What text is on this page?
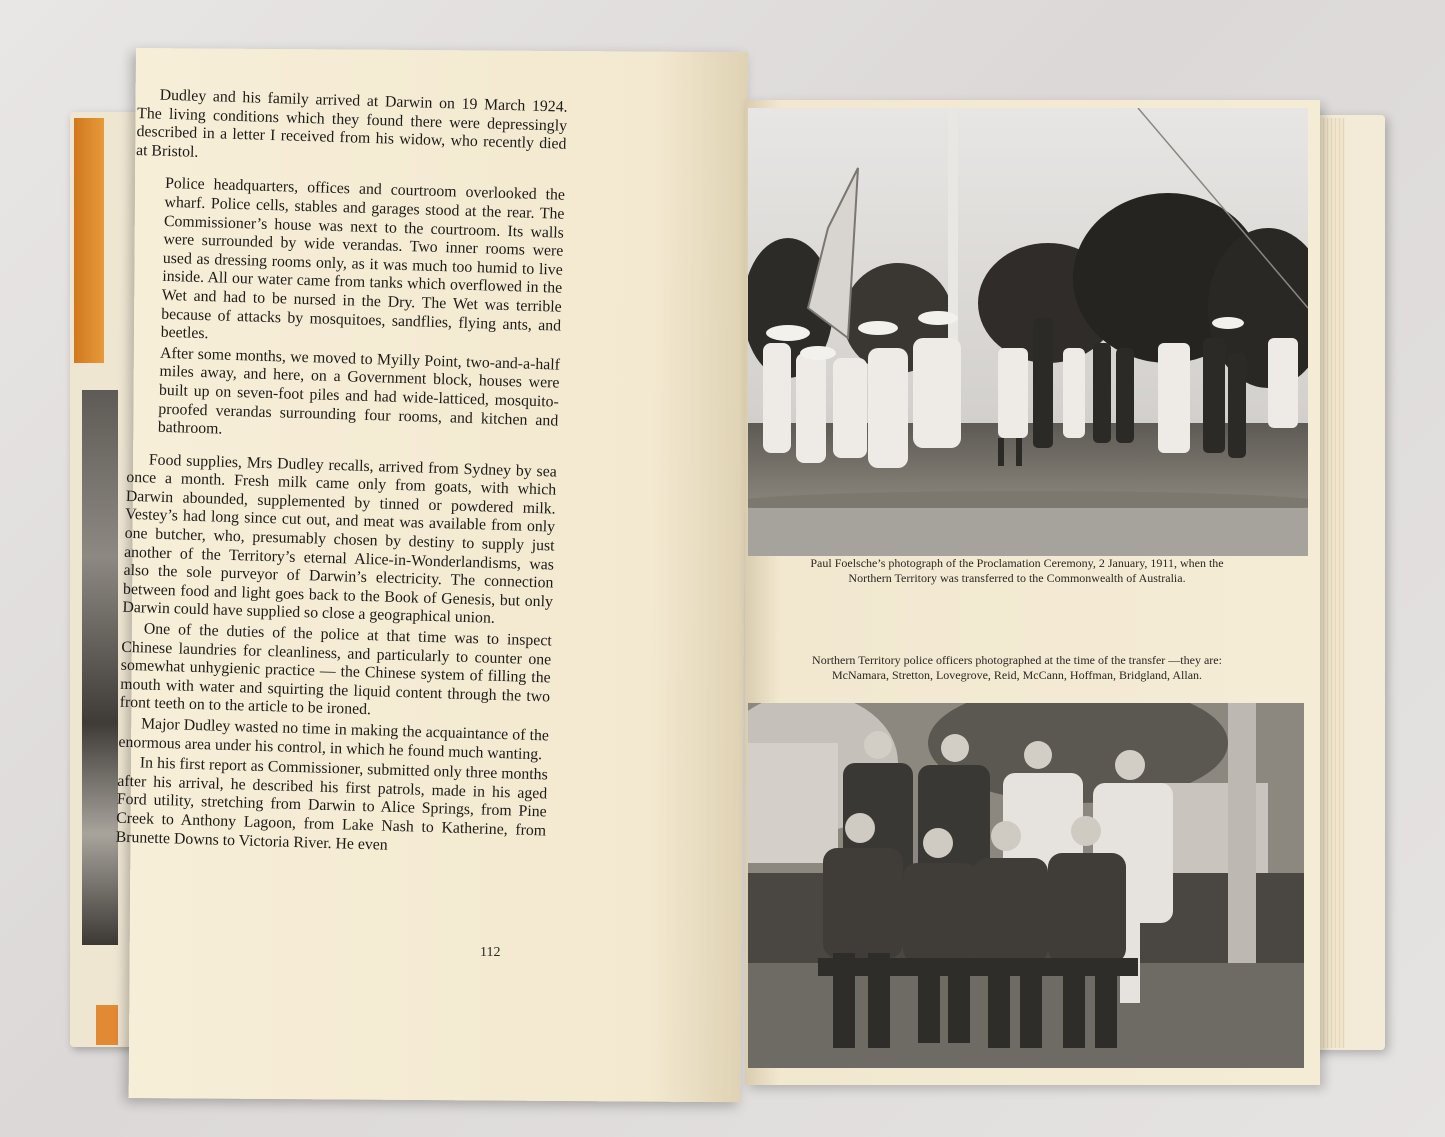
Dudley and his family arrived at Darwin on 19 March 1924. The living conditions which they found there were depressingly described in a letter I received from his widow, who recently died at Bristol.

Police headquarters, offices and courtroom overlooked the wharf. Police cells, stables and garages stood at the rear. The Commissioner’s house was next to the courtroom. Its walls were surrounded by wide verandas. Two inner rooms were used as dressing rooms only, as it was much too humid to live inside. All our water came from tanks which overflowed in the Wet and had to be nursed in the Dry. The Wet was terrible because of attacks by mosquitoes, sandflies, flying ants, and beetles.

After some months, we moved to Myilly Point, two-and-a-half miles away, and here, on a Government block, houses were built up on seven-foot piles and had wide-latticed, mosquito-proofed verandas surrounding four rooms, and kitchen and bathroom.

Food supplies, Mrs Dudley recalls, arrived from Sydney by sea once a month. Fresh milk came only from goats, with which Darwin abounded, supplemented by tinned or powdered milk. Vestey’s had long since cut out, and meat was available from only one butcher, who, presumably chosen by destiny to supply just another of the Territory’s eternal Alice-in-Wonderlandisms, was also the sole purveyor of Darwin’s electricity. The connection between food and light goes back to the Book of Genesis, but only Darwin could have supplied so close a geographical union.

One of the duties of the police at that time was to inspect Chinese laundries for cleanliness, and particularly to counter one somewhat unhygienic practice — the Chinese system of filling the mouth with water and squirting the liquid content through the two front teeth on to the article to be ironed.

Major Dudley wasted no time in making the acquaintance of the enormous area under his control, in which he found much wanting.

In his first report as Commissioner, submitted only three months after his arrival, he described his first patrols, made in his aged Ford utility, stretching from Darwin to Alice Springs, from Pine Creek to Anthony Lagoon, from Lake Nash to Katherine, from Brunette Downs to Victoria River. He even

112
Paul Foelsche’s photograph of the Proclamation Ceremony, 2 January, 1911, when the Northern Territory was transferred to the Commonwealth of Australia.
Northern Territory police officers photographed at the time of the transfer —they are: McNamara, Stretton, Lovegrove, Reid, McCann, Hoffman, Bridgland, Allan.
